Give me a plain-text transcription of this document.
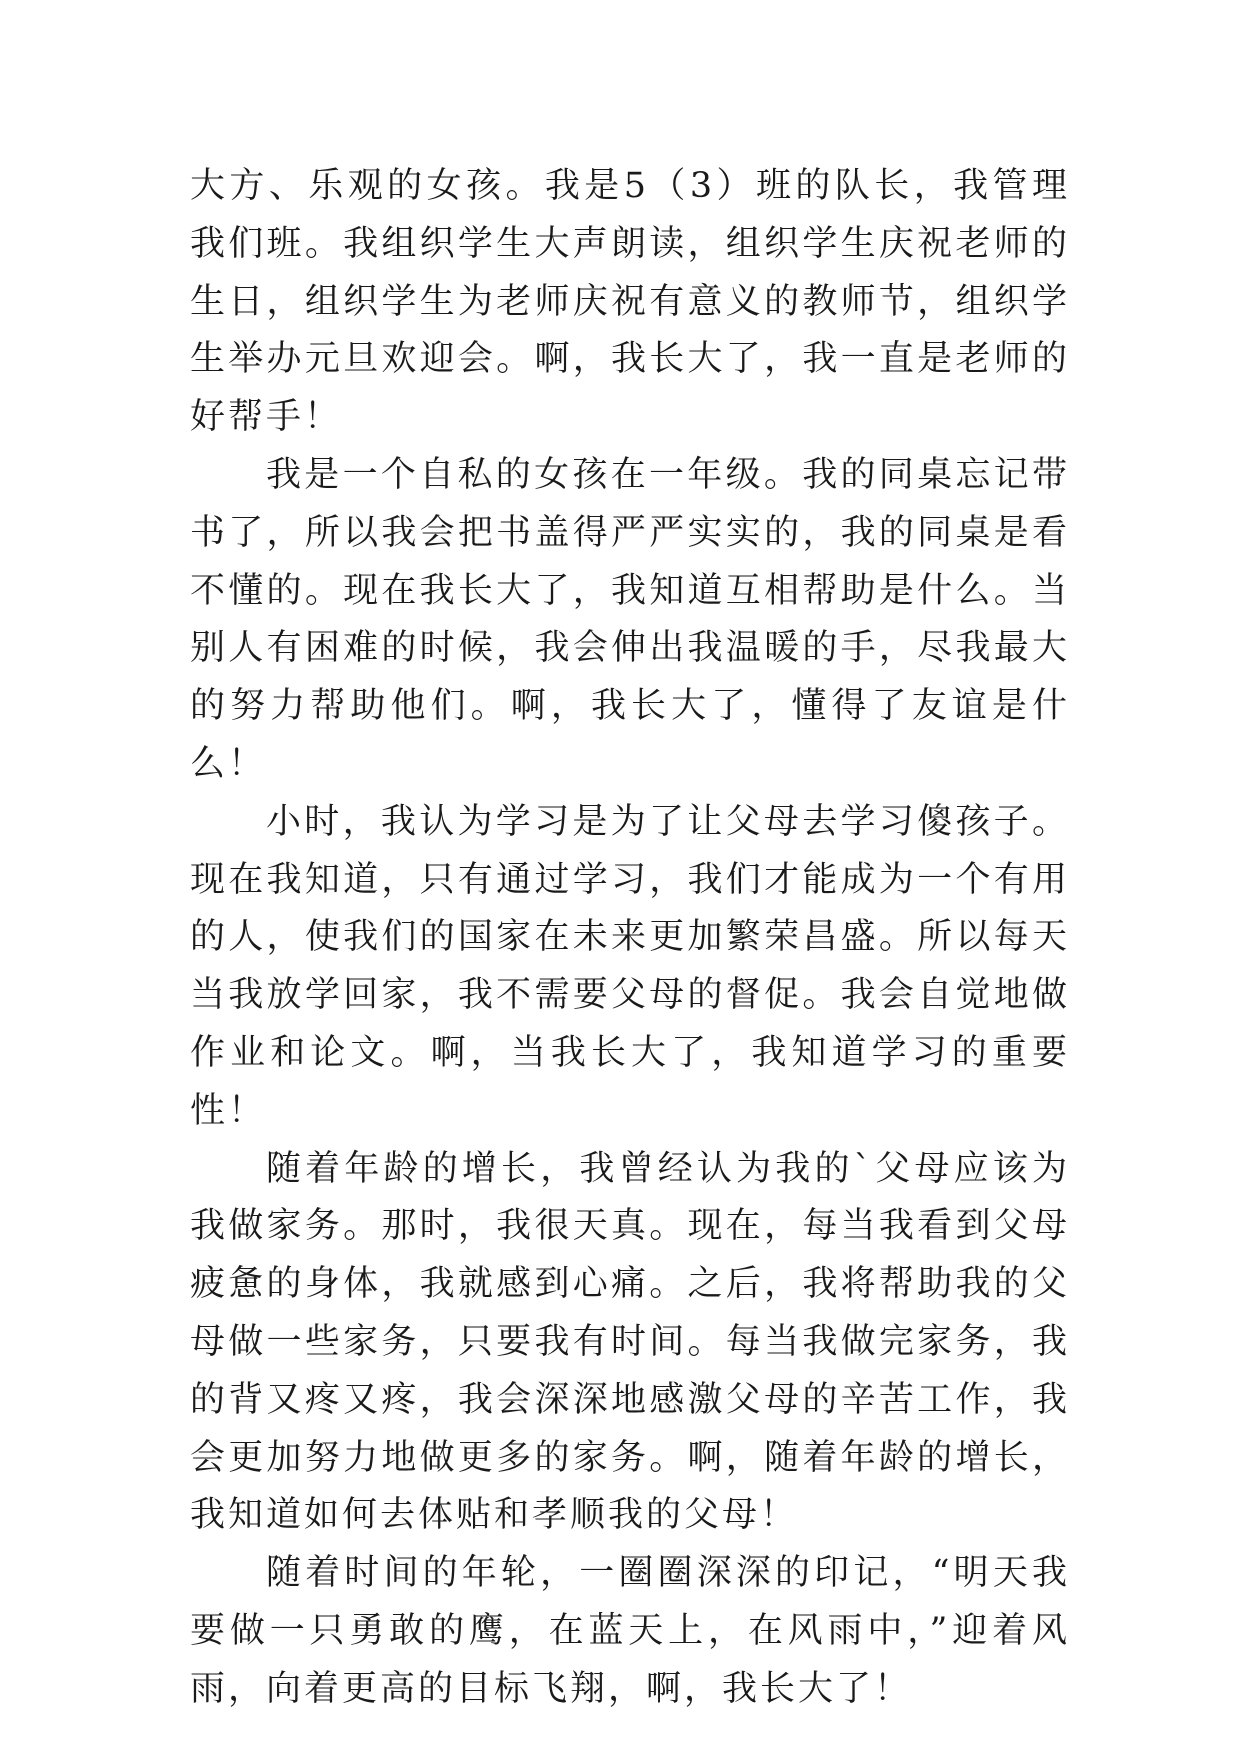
大方、乐观的女孩。我是5（3）班的队长，我管理我们班。我组织学生大声朗读，组织学生庆祝老师的生日，组织学生为老师庆祝有意义的教师节，组织学生举办元旦欢迎会。啊，我长大了，我一直是老师的好帮手！

我是一个自私的女孩在一年级。我的同桌忘记带书了，所以我会把书盖得严严实实的，我的同桌是看不懂的。现在我长大了，我知道互相帮助是什么。当别人有困难的时候，我会伸出我温暖的手，尽我最大的努力帮助他们。啊，我长大了，懂得了友谊是什么！

小时，我认为学习是为了让父母去学习傻孩子。现在我知道，只有通过学习，我们才能成为一个有用的人，使我们的国家在未来更加繁荣昌盛。所以每天当我放学回家，我不需要父母的督促。我会自觉地做作业和论文。啊，当我长大了，我知道学习的重要性！

随着年龄的增长，我曾经认为我的`父母应该为我做家务。那时，我很天真。现在，每当我看到父母疲惫的身体，我就感到心痛。之后，我将帮助我的父母做一些家务，只要我有时间。每当我做完家务，我的背又疼又疼，我会深深地感激父母的辛苦工作，我会更加努力地做更多的家务。啊，随着年龄的增长，我知道如何去体贴和孝顺我的父母！

随着时间的年轮，一圈圈深深的印记，“明天我要做一只勇敢的鹰，在蓝天上，在风雨中，”迎着风雨，向着更高的目标飞翔，啊，我长大了！
